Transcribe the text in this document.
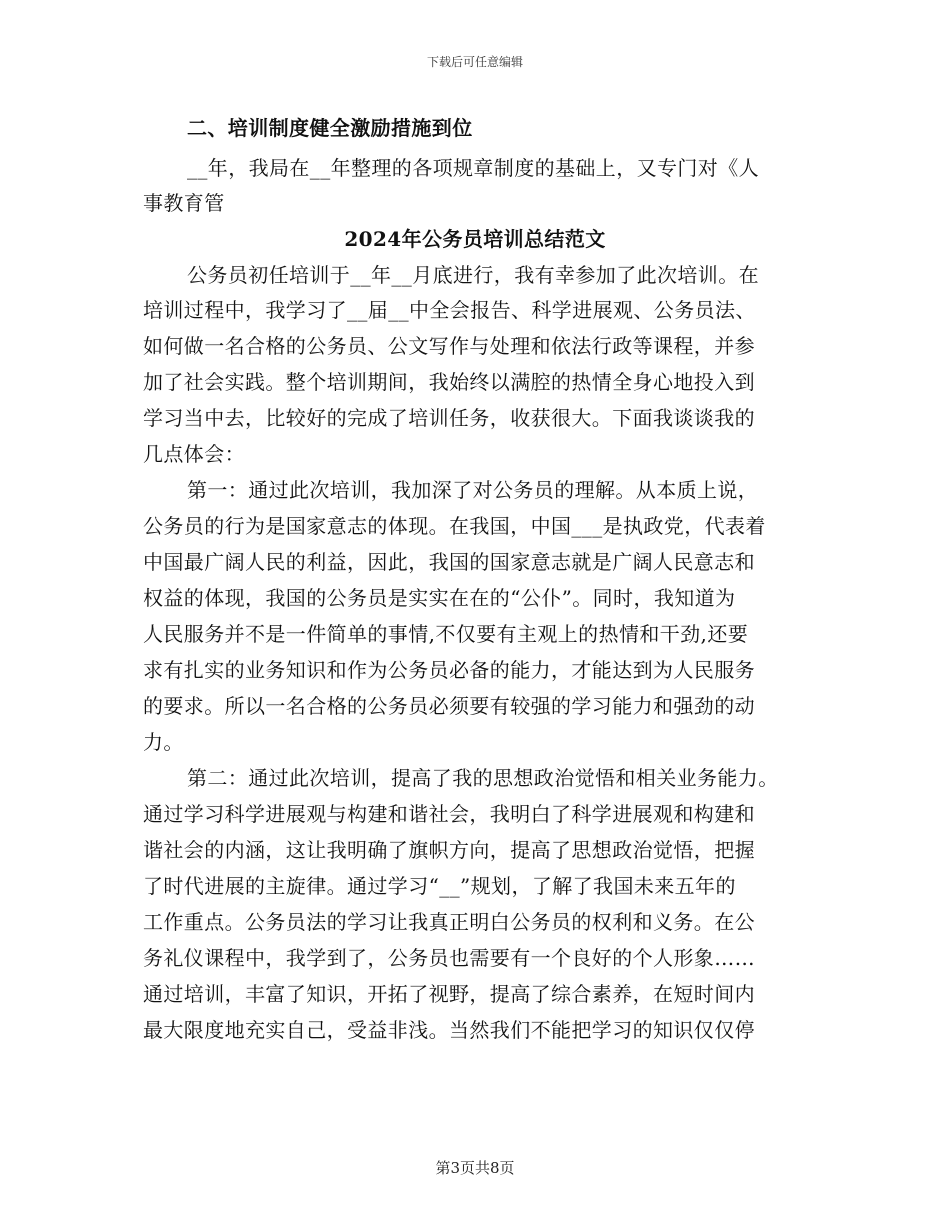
下载后可任意编辑
二、培训制度健全激励措施到位
__年，我局在__年整理的各项规章制度的基础上，又专门对《人
事教育管
2024年公务员培训总结范文
公务员初任培训于__年__月底进行，我有幸参加了此次培训。在
培训过程中，我学习了__届__中全会报告、科学进展观、公务员法、
如何做一名合格的公务员、公文写作与处理和依法行政等课程，并参
加了社会实践。整个培训期间，我始终以满腔的热情全身心地投入到
学习当中去，比较好的完成了培训任务，收获很大。下面我谈谈我的
几点体会：
第一：通过此次培训，我加深了对公务员的理解。从本质上说，
公务员的行为是国家意志的体现。在我国，中国___是执政党，代表着
中国最广阔人民的利益，因此，我国的国家意志就是广阔人民意志和
权益的体现，我国的公务员是实实在在的“公仆”。同时，我知道为
人民服务并不是一件简单的事情,不仅要有主观上的热情和干劲,还要
求有扎实的业务知识和作为公务员必备的能力，才能达到为人民服务
的要求。所以一名合格的公务员必须要有较强的学习能力和强劲的动
力。
第二：通过此次培训，提高了我的思想政治觉悟和相关业务能力。
通过学习科学进展观与构建和谐社会，我明白了科学进展观和构建和
谐社会的内涵，这让我明确了旗帜方向，提高了思想政治觉悟，把握
了时代进展的主旋律。通过学习“__”规划，了解了我国未来五年的
工作重点。公务员法的学习让我真正明白公务员的权利和义务。在公
务礼仪课程中，我学到了，公务员也需要有一个良好的个人形象……
通过培训，丰富了知识，开拓了视野，提高了综合素养，在短时间内
最大限度地充实自己，受益非浅。当然我们不能把学习的知识仅仅停
第3页共8页
